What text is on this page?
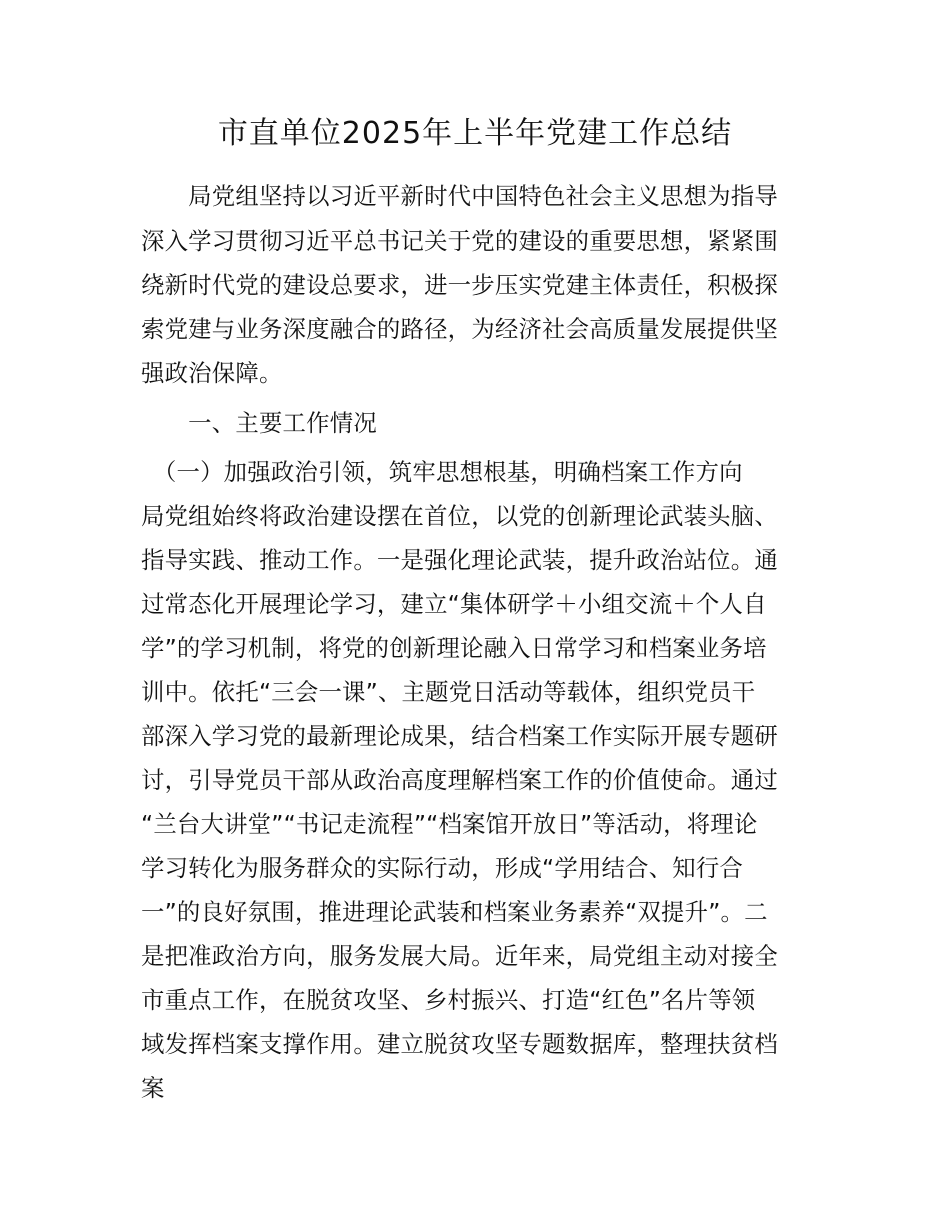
市直单位2025年上半年党建工作总结
　　局党组坚持以习近平新时代中国特色社会主义思想为指导
深入学习贯彻习近平总书记关于党的建设的重要思想，紧紧围
绕新时代党的建设总要求，进一步压实党建主体责任，积极探
索党建与业务深度融合的路径，为经济社会高质量发展提供坚
强政治保障。
　　一、主要工作情况
　（一）加强政治引领，筑牢思想根基，明确档案工作方向
局党组始终将政治建设摆在首位，以党的创新理论武装头脑、
指导实践、推动工作。一是强化理论武装，提升政治站位。通
过常态化开展理论学习，建立“集体研学＋小组交流＋个人自
学”的学习机制，将党的创新理论融入日常学习和档案业务培
训中。依托“三会一课”、主题党日活动等载体，组织党员干
部深入学习党的最新理论成果，结合档案工作实际开展专题研
讨，引导党员干部从政治高度理解档案工作的价值使命。通过
“兰台大讲堂”“书记走流程”“档案馆开放日”等活动，将理论
学习转化为服务群众的实际行动，形成“学用结合、知行合
一”的良好氛围，推进理论武装和档案业务素养“双提升”。二
是把准政治方向，服务发展大局。近年来，局党组主动对接全
市重点工作，在脱贫攻坚、乡村振兴、打造“红色”名片等领
域发挥档案支撑作用。建立脱贫攻坚专题数据库，整理扶贫档
案
